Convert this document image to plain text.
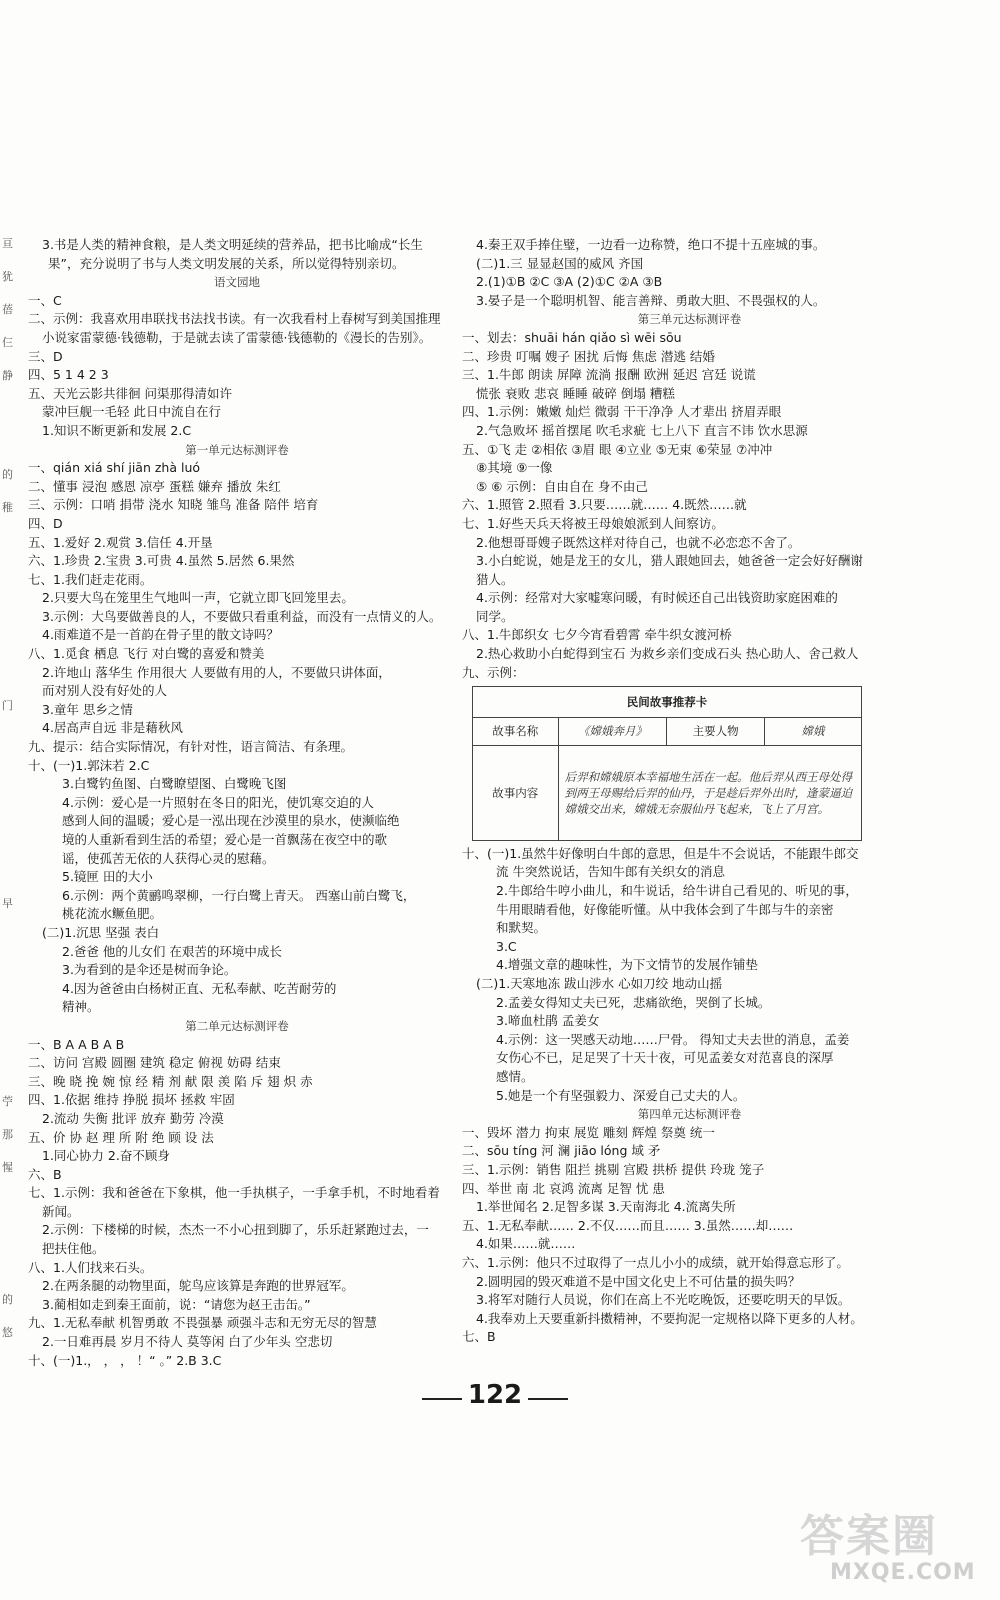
亘
犹
蓓
仨
静
的
稚
门
早
苧
那
惺
的
悠
3.书是人类的精神食粮，是人类文明延续的营养品，把书比喻成“长生
果”，充分说明了书与人类文明发展的关系，所以觉得特别亲切。
语文园地
一、C
二、示例：我喜欢用串联找书法找书读。有一次我看村上春树写到美国推理
小说家雷蒙德·钱德勒，于是就去读了雷蒙德·钱德勒的《漫长的告别》。
三、D
四、5 1 4 2 3
五、天光云影共徘徊 问渠那得清如许
蒙冲巨舰一毛轻 此日中流自在行
1.知识不断更新和发展 2.C
第一单元达标测评卷
一、qián xiá shí jiān zhà luó
二、懂事 浸泡 感恩 凉亭 蛋糕 嫌弃 播放 朱红
三、示例：口哨 捐带 浇水 知晓 雏鸟 准备 陪伴 培育
四、D
五、1.爱好 2.观赏 3.信任 4.开垦
六、1.珍贵 2.宝贵 3.可贵 4.虽然 5.居然 6.果然
七、1.我们赶走花雨。
2.只要大鸟在笼里生气地叫一声，它就立即飞回笼里去。
3.示例：大鸟要做善良的人，不要做只看重利益，而没有一点情义的人。
4.雨难道不是一首韵在骨子里的散文诗吗？
八、1.觅食 栖息 飞行 对白鹭的喜爱和赞美
2.许地山 落华生 作用很大 人要做有用的人，不要做只讲体面，
而对别人没有好处的人
3.童年 思乡之情
4.居高声自远 非是藉秋风
九、提示：结合实际情况，有针对性，语言简洁、有条理。
十、(一)1.郭沫若 2.C
3.白鹭钓鱼图、白鹭瞭望图、白鹭晚飞图
4.示例：爱心是一片照射在冬日的阳光，使饥寒交迫的人
感到人间的温暖；爱心是一泓出现在沙漠里的泉水，使濒临绝
境的人重新看到生活的希望；爱心是一首飘荡在夜空中的歌
谣，使孤苦无依的人获得心灵的慰藉。
5.镜匣 田的大小
6.示例：两个黄鹂鸣翠柳，一行白鹭上青天。 西塞山前白鹭飞，
桃花流水鳜鱼肥。
(二)1.沉思 坚强 表白
2.爸爸 他的儿女们 在艰苦的环境中成长
3.为看到的是伞还是树而争论。
4.因为爸爸由白杨树正直、无私奉献、吃苦耐劳的
精神。
第二单元达标测评卷
一、B A A B A B
二、访问 宫殿 圆圈 建筑 稳定 俯视 妨碍 结束
三、晚 晓 挽 婉 惊 经 精 剂 献 限 羡 陷 斥 翅 炽 赤
四、1.依据 维持 挣脱 损坏 拯救 牢固
2.流动 失衡 批评 放弃 勤劳 冷漠
五、价 协 赵 理 所 附 绝 顾 设 法
1.同心协力 2.奋不顾身
六、B
七、1.示例：我和爸爸在下象棋，他一手执棋子，一手拿手机，不时地看着
新闻。
2.示例：下楼梯的时候，杰杰一不小心扭到脚了，乐乐赶紧跑过去，一
把扶住他。
八、1.人们找来石头。
2.在两条腿的动物里面，鸵鸟应该算是奔跑的世界冠军。
3.蔺相如走到秦王面前，说：“请您为赵王击缶。”
九、1.无私奉献 机智勇敢 不畏强暴 顽强斗志和无穷无尽的智慧
2.一日难再晨 岁月不待人 莫等闲 白了少年头 空悲切
十、(一)1.， ， ， ！“ 。” 2.B 3.C
4.秦王双手捧住璧，一边看一边称赞，绝口不提十五座城的事。
(二)1.三 显显赵国的威风 齐国
2.(1)①B ②C ③A (2)①C ②A ③B
3.晏子是一个聪明机智、能言善辩、勇敢大胆、不畏强权的人。
第三单元达标测评卷
一、划去：shuāi hán qiǎo sì wēi sōu
二、珍贵 叮嘱 嫂子 困扰 后悔 焦虑 潜逃 结婚
三、1.牛郎 朗读 屏障 流淌 报酬 欧洲 延迟 宫廷 说谎
慌张 衰败 悲哀 睡睡 破碎 倒塌 糟糕
四、1.示例：嫩嫩 灿烂 微弱 干干净净 人才辈出 挤眉弄眼
2.气急败坏 摇首摆尾 吹毛求疵 七上八下 直言不讳 饮水思源
五、①飞 走 ②相依 ③眉 眼 ④立业 ⑤无束 ⑥荣显 ⑦冲冲
⑧其境 ⑨一像
⑤ ⑥ 示例：自由自在 身不由己
六、1.照管 2.照看 3.只要……就…… 4.既然……就
七、1.好些天兵天将被王母娘娘派到人间察访。
2.他想哥哥嫂子既然这样对待自己，也就不必恋恋不舍了。
3.小白蛇说，她是龙王的女儿，猎人跟她回去，她爸爸一定会好好酬谢
猎人。
4.示例：经常对大家嘘寒问暖，有时候还自己出钱资助家庭困难的
同学。
八、1.牛郎织女 七夕今宵看碧霄 牵牛织女渡河桥
2.热心救助小白蛇得到宝石 为救乡亲们变成石头 热心助人、舍己救人
九、示例：
民间故事推荐卡			
故事名称	《嫦娥奔月》	主要人物	嫦娥
故事内容	后羿和嫦娥原本幸福地生活在一起。他后羿从西王母处得到两王母赐给后羿的仙丹，于是趁后羿外出时，逢蒙逼迫嫦娥交出来，嫦娥无奈服仙丹飞起来，飞上了月宫。		
十、(一)1.虽然牛好像明白牛郎的意思，但是牛不会说话，不能跟牛郎交
流 牛突然说话，告知牛郎有关织女的消息
2.牛郎给牛哼小曲儿，和牛说话，给牛讲自己看见的、听见的事，
牛用眼睛看他，好像能听懂。从中我体会到了牛郎与牛的亲密
和默契。
3.C
4.增强文章的趣味性，为下文情节的发展作铺垫
(二)1.天寒地冻 跋山涉水 心如刀绞 地动山摇
2.孟姜女得知丈夫已死，悲痛欲绝，哭倒了长城。
3.啼血杜鹃 孟姜女
4.示例：这一哭感天动地……尸骨。 得知丈夫去世的消息，孟姜
女伤心不已，足足哭了十天十夜，可见孟姜女对范喜良的深厚
感情。
5.她是一个有坚强毅力、深爱自己丈夫的人。
第四单元达标测评卷
一、毁坏 潜力 拘束 展览 雕刻 辉煌 祭奠 统一
二、sōu tíng 河 澜 jiāo lóng 域 矛
三、1.示例：销售 阻拦 挑剔 宫殿 拱桥 提供 玲珑 笼子
四、举世 南 北 哀鸿 流离 足智 忧 患
1.举世闻名 2.足智多谋 3.天南海北 4.流离失所
五、1.无私奉献…… 2.不仅……而且…… 3.虽然……却……
4.如果……就……
六、1.示例：他只不过取得了一点儿小小的成绩，就开始得意忘形了。
2.圆明园的毁灭难道不是中国文化史上不可估量的损失吗？
3.将军对随行人员说，你们在高上不光吃晚饭，还要吃明天的早饭。
4.我奉劝上天要重新抖擞精神，不要拘泥一定规格以降下更多的人材。
七、B
122
答案圈
MXQE.COM
